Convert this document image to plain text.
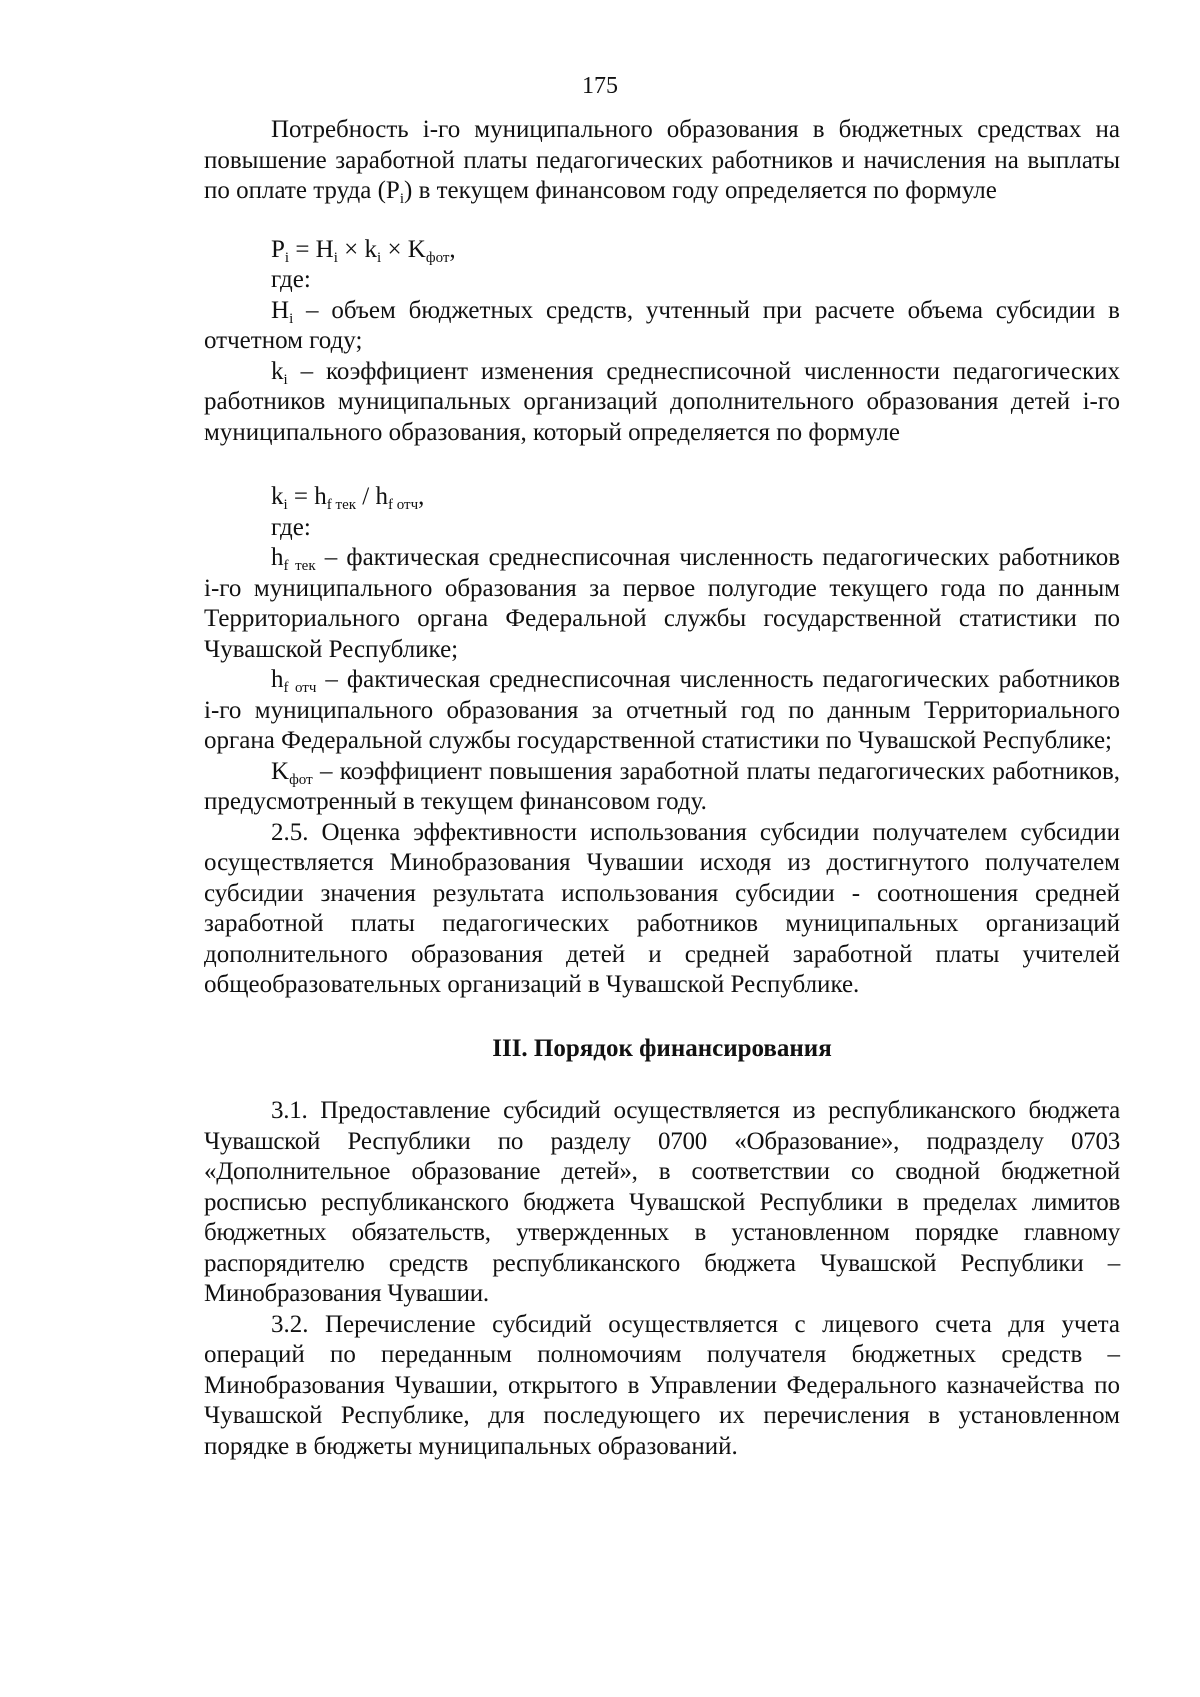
175

Потребность i-го муниципального образования в бюджетных средствах на повышение заработной платы педагогических работников и начисления на выплаты по оплате труда $(P_i)$ в текущем финансовом году определяется по формуле

$P_i = H_i \times k_i \times K_{фот}$,
где:

$H_i$ – объем бюджетных средств, учтенный при расчете объема субсидии в отчетном году;

$k_i$ – коэффициент изменения среднесписочной численности педагогических работников муниципальных организаций дополнительного образования детей i-го муниципального образования, который определяется по формуле

$k_i = h_{f тек} / h_{f отч}$,
где:

$h_{f тек}$ – фактическая среднесписочная численность педагогических работников i-го муниципального образования за первое полугодие текущего года по данным Территориального органа Федеральной службы государственной статистики по Чувашской Республике;

$h_{f отч}$ – фактическая среднесписочная численность педагогических работников i-го муниципального образования за отчетный год по данным Территориального органа Федеральной службы государственной статистики по Чувашской Республике;

$K_{фот}$ – коэффициент повышения заработной платы педагогических работников, предусмотренный в текущем финансовом году.

2.5. Оценка эффективности использования субсидии получателем субсидии осуществляется Минобразования Чувашии исходя из достигнутого получателем субсидии значения результата использования субсидии - соотношения средней заработной платы педагогических работников муниципальных организаций дополнительного образования детей и средней заработной платы учителей общеобразовательных организаций в Чувашской Республике.

III. Порядок финансирования

3.1. Предоставление субсидий осуществляется из республиканского бюджета Чувашской Республики по разделу 0700 «Образование», подразделу 0703 «Дополнительное образование детей», в соответствии со сводной бюджетной росписью республиканского бюджета Чувашской Республики в пределах лимитов бюджетных обязательств, утвержденных в установленном порядке главному распорядителю средств республиканского бюджета Чувашской Республики – Минобразования Чувашии.

3.2. Перечисление субсидий осуществляется с лицевого счета для учета операций по переданным полномочиям получателя бюджетных средств – Минобразования Чувашии, открытого в Управлении Федерального казначейства по Чувашской Республике, для последующего их перечисления в установленном порядке в бюджеты муниципальных образований.
